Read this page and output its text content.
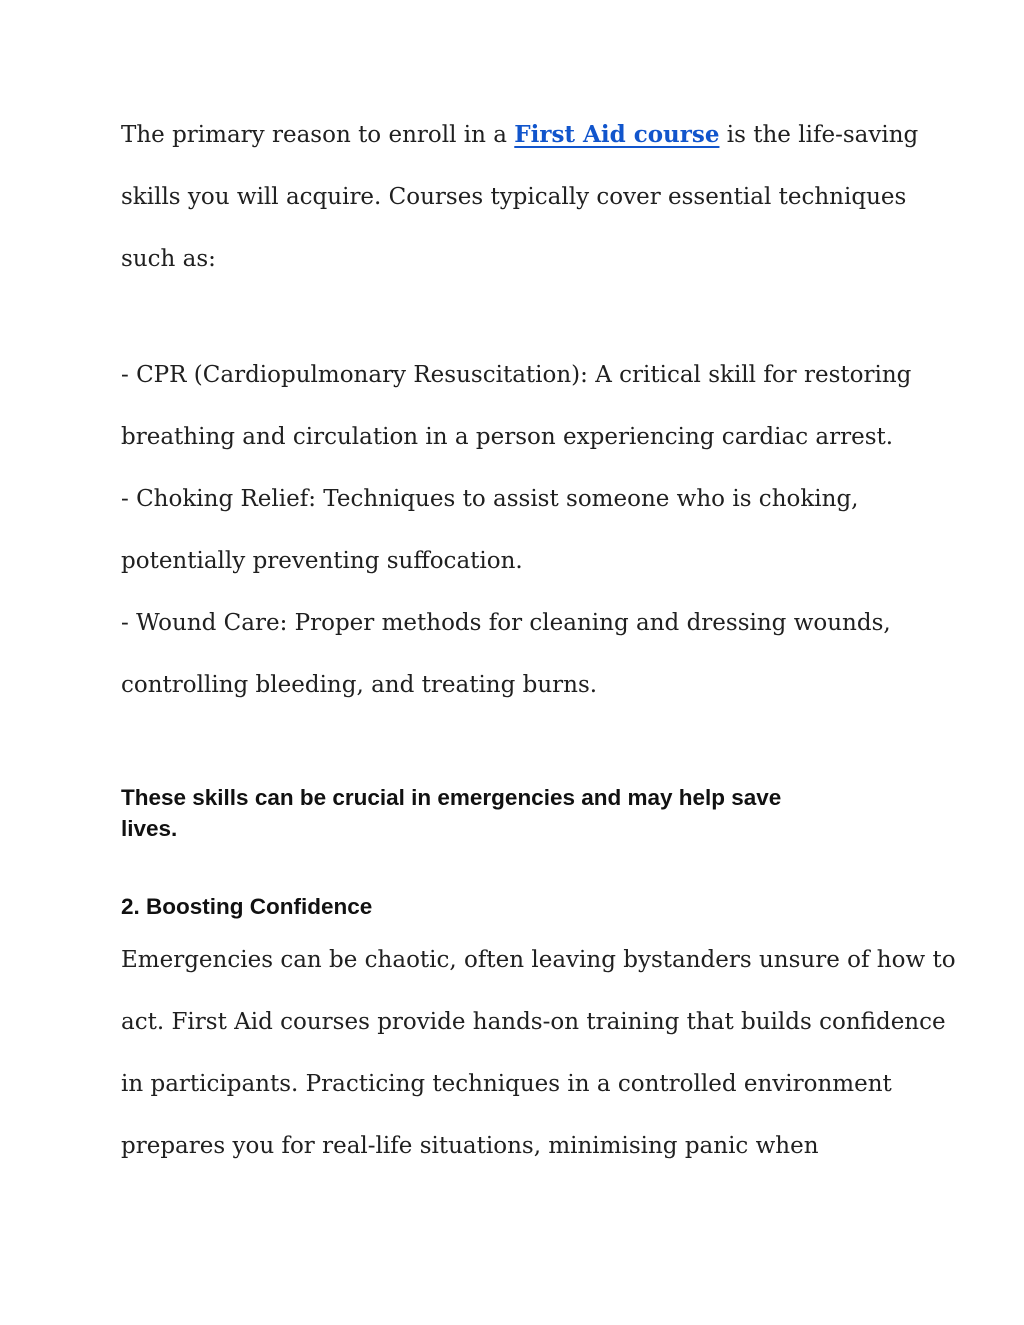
The primary reason to enroll in a First Aid course is the life-saving

skills you will acquire. Courses typically cover essential techniques

such as:

- CPR (Cardiopulmonary Resuscitation): A critical skill for restoring

breathing and circulation in a person experiencing cardiac arrest.

- Choking Relief: Techniques to assist someone who is choking,

potentially preventing suffocation.

- Wound Care: Proper methods for cleaning and dressing wounds,

controlling bleeding, and treating burns.

These skills can be crucial in emergencies and may help save

lives.

2. Boosting Confidence

Emergencies can be chaotic, often leaving bystanders unsure of how to

act. First Aid courses provide hands-on training that builds confidence

in participants. Practicing techniques in a controlled environment

prepares you for real-life situations, minimising panic when
